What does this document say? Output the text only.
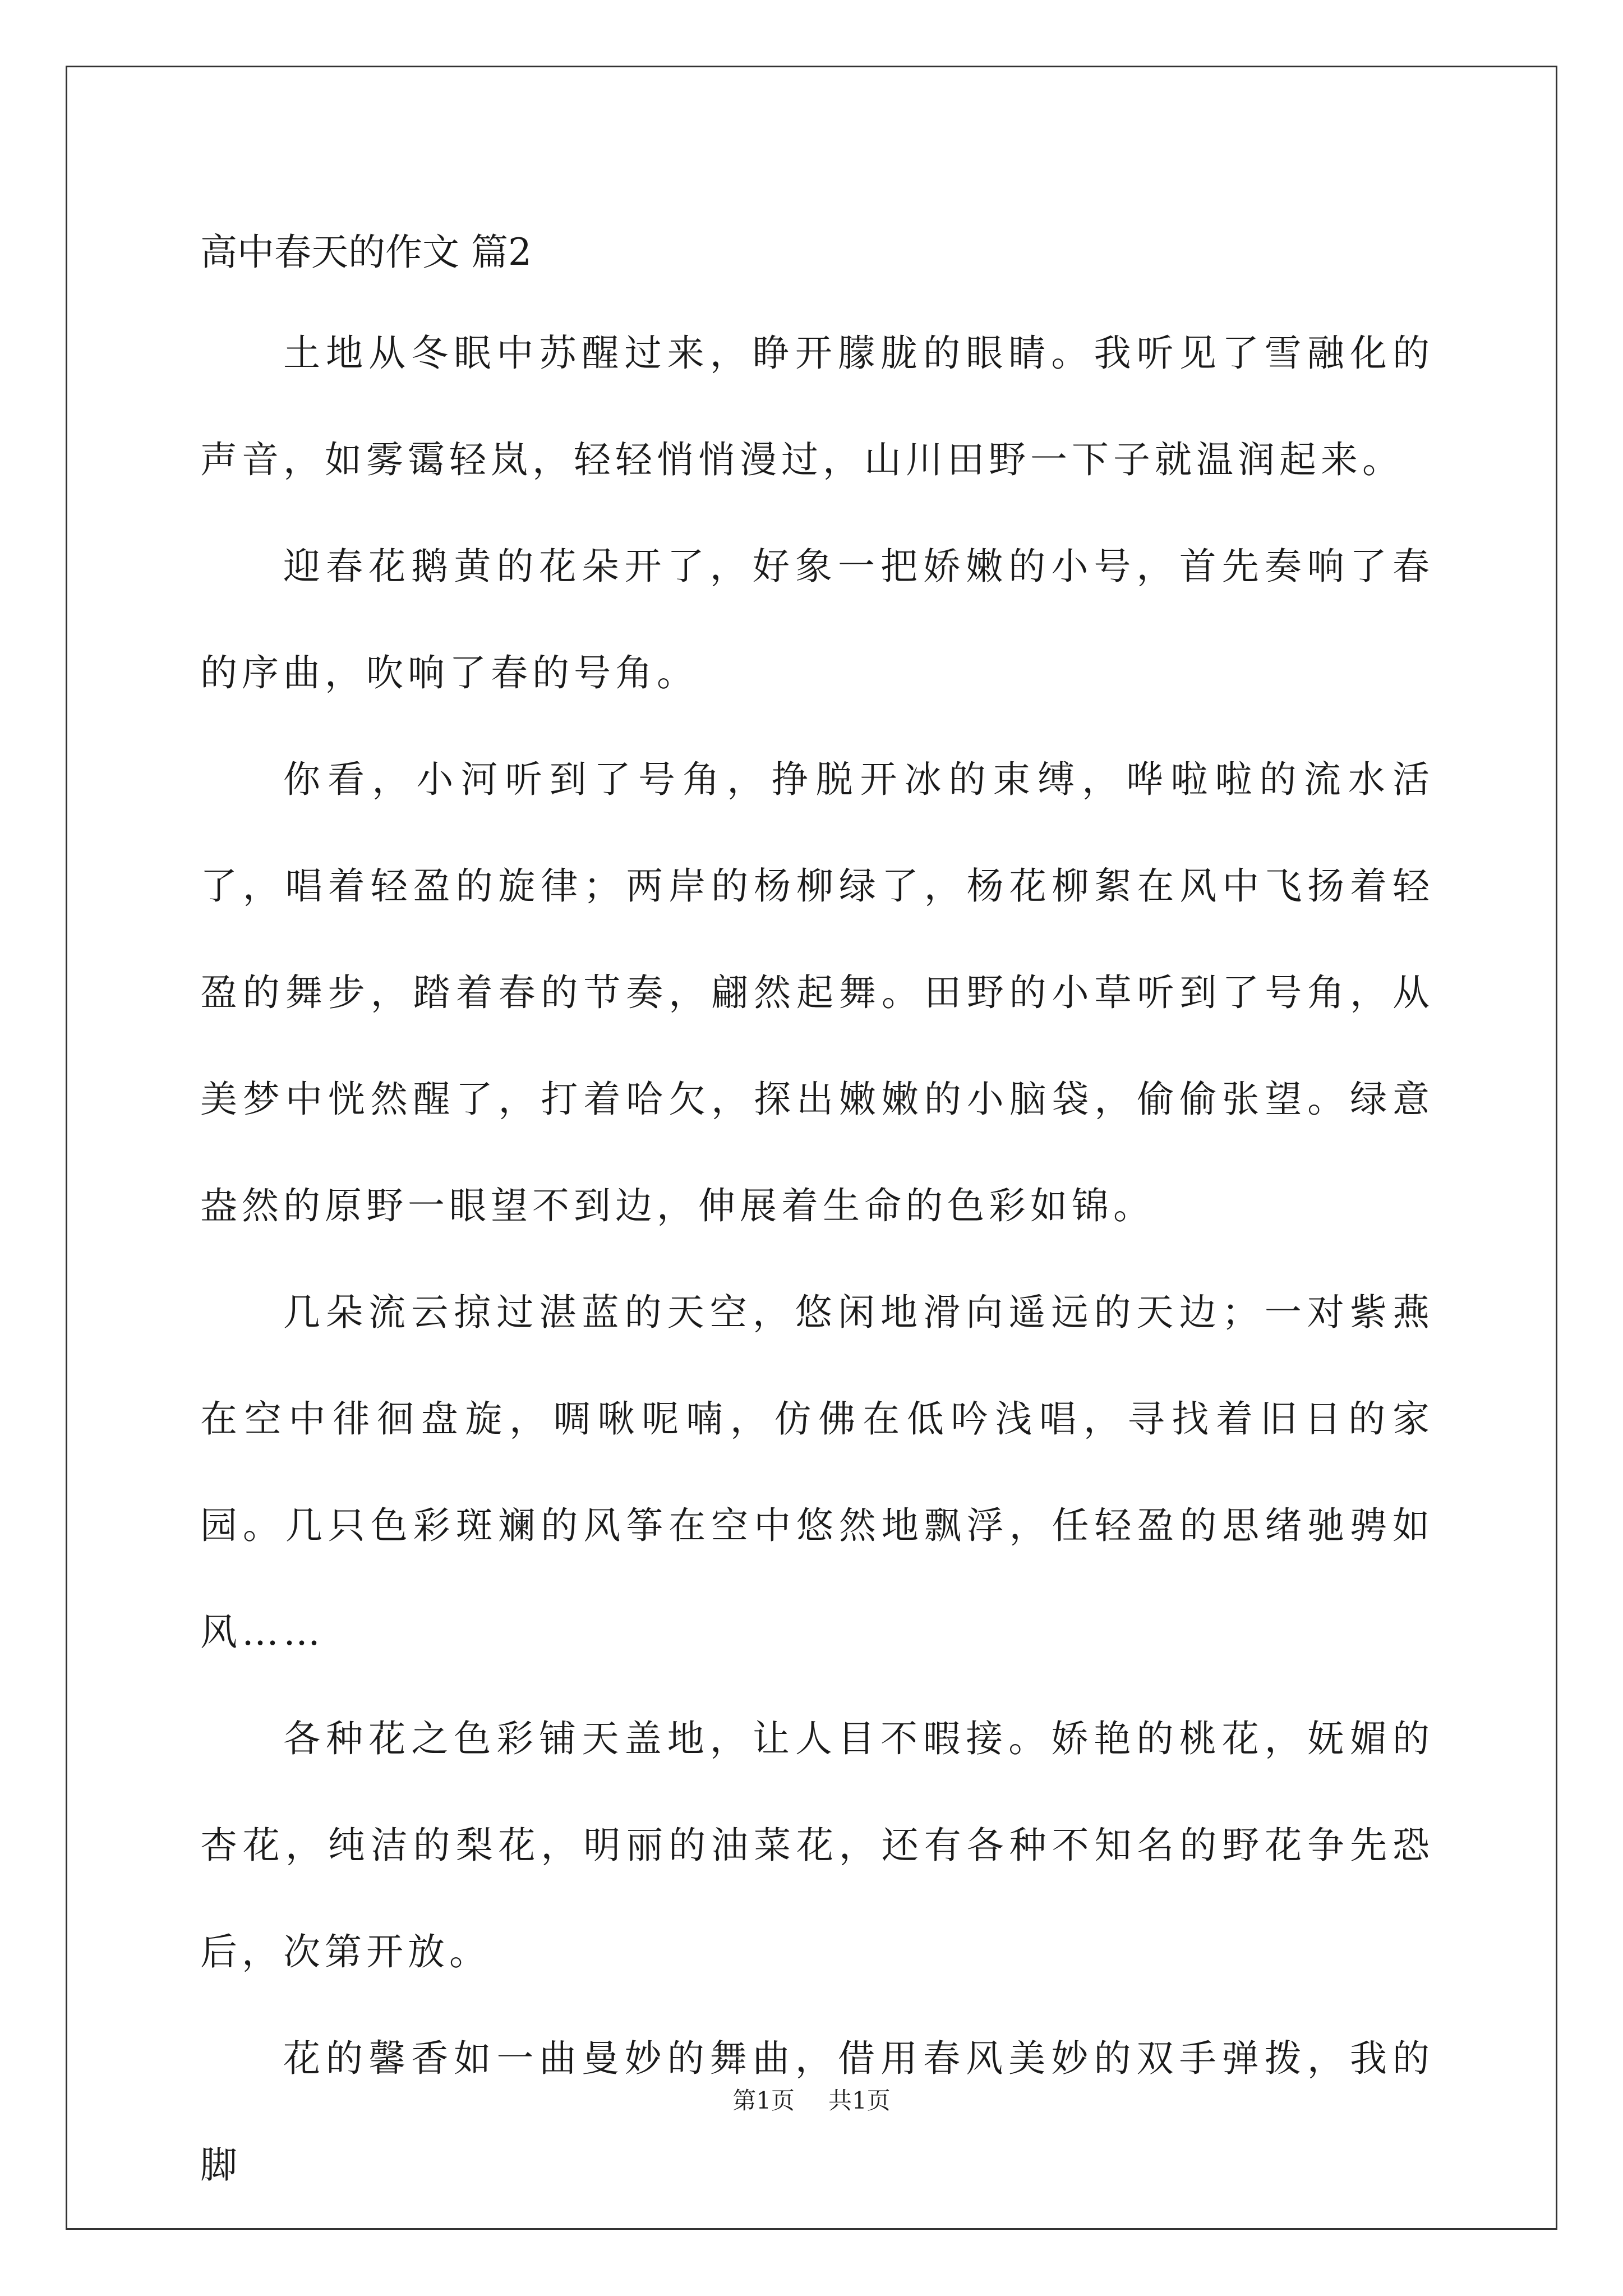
高中春天的作文 篇2

土地从冬眠中苏醒过来，睁开朦胧的眼睛。我听见了雪融化的声音，如雾霭轻岚，轻轻悄悄漫过，山川田野一下子就温润起来。

迎春花鹅黄的花朵开了，好象一把娇嫩的小号，首先奏响了春的序曲，吹响了春的号角。

你看，小河听到了号角，挣脱开冰的束缚，哗啦啦的流水活了，唱着轻盈的旋律；两岸的杨柳绿了，杨花柳絮在风中飞扬着轻盈的舞步，踏着春的节奏，翩然起舞。田野的小草听到了号角，从美梦中恍然醒了，打着哈欠，探出嫩嫩的小脑袋，偷偷张望。绿意盎然的原野一眼望不到边，伸展着生命的色彩如锦。

几朵流云掠过湛蓝的天空，悠闲地滑向遥远的天边；一对紫燕在空中徘徊盘旋，啁啾呢喃，仿佛在低吟浅唱，寻找着旧日的家园。几只色彩斑斓的风筝在空中悠然地飘浮，任轻盈的思绪驰骋如风……

各种花之色彩铺天盖地，让人目不暇接。娇艳的桃花，妩媚的杏花，纯洁的梨花，明丽的油菜花，还有各种不知名的野花争先恐后，次第开放。

花的馨香如一曲曼妙的舞曲，借用春风美妙的双手弹拨，我的脚

第1页 共1页
